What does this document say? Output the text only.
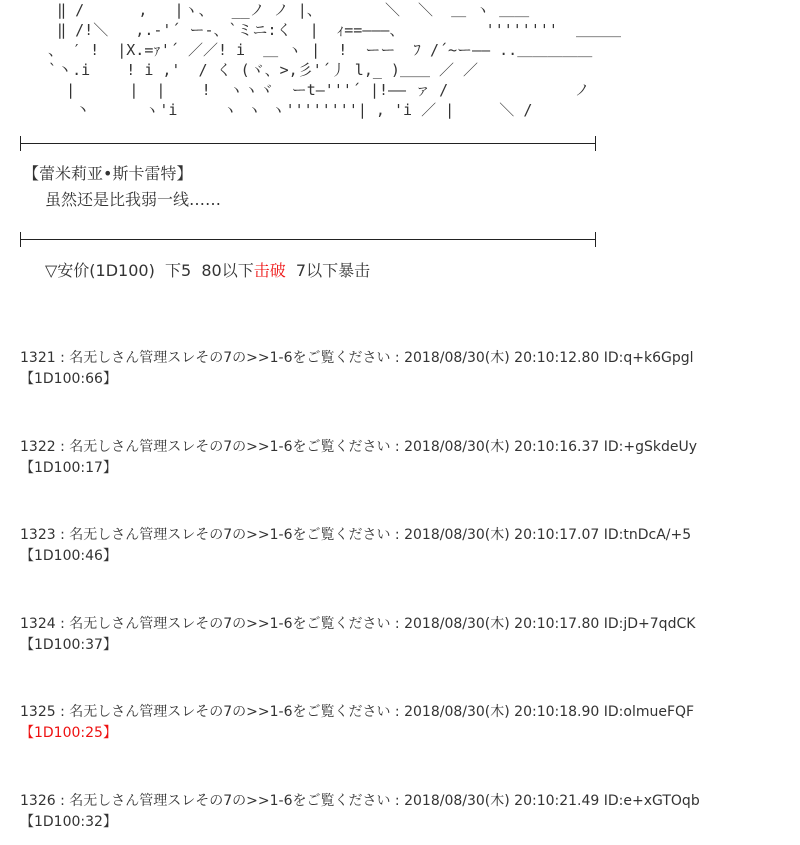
‖ ∕      ,   |ヽ、  __ノ ノ |、       ＼  ＼  ＿ ヽ ＿＿
‖ /!＼   ,.-'´ ー-、`ミニ:く  |  ｨ==―――、         ''''''''  ＿＿＿
、 ′ !  |X.=ｧ'´ ／／! i  ＿ ヽ |  !  ーー  ﾌ /´~ー―― ..＿＿＿＿＿
`丶.i    ! i ,'  / く (ヾ、>,彡'´丿 l,_ )＿＿ ／ ／
|      |  |    !  ヽヽヾ  ーt―'''´ |!―― ァ /              ノ
丶      ヽ'i     ヽ ヽ ヽ''''''''| , 'i ／ |     ＼ /
【蕾米莉亚•斯卡雷特】
虽然还是比我弱一线……
▽安价(1D100)  下5  80以下击破  7以下暴击
1321 : 名无しさん管理スレその7の>>1-6をご覧ください : 2018/08/30(木) 20:10:12.80 ID:q+k6Gpgl
【1D100:66】
1322 : 名无しさん管理スレその7の>>1-6をご覧ください : 2018/08/30(木) 20:10:16.37 ID:+gSkdeUy
【1D100:17】
1323 : 名无しさん管理スレその7の>>1-6をご覧ください : 2018/08/30(木) 20:10:17.07 ID:tnDcA/+5
【1D100:46】
1324 : 名无しさん管理スレその7の>>1-6をご覧ください : 2018/08/30(木) 20:10:17.80 ID:jD+7qdCK
【1D100:37】
1325 : 名无しさん管理スレその7の>>1-6をご覧ください : 2018/08/30(木) 20:10:18.90 ID:olmueFQF
【1D100:25】
1326 : 名无しさん管理スレその7の>>1-6をご覧ください : 2018/08/30(木) 20:10:21.49 ID:e+xGTOqb
【1D100:32】
